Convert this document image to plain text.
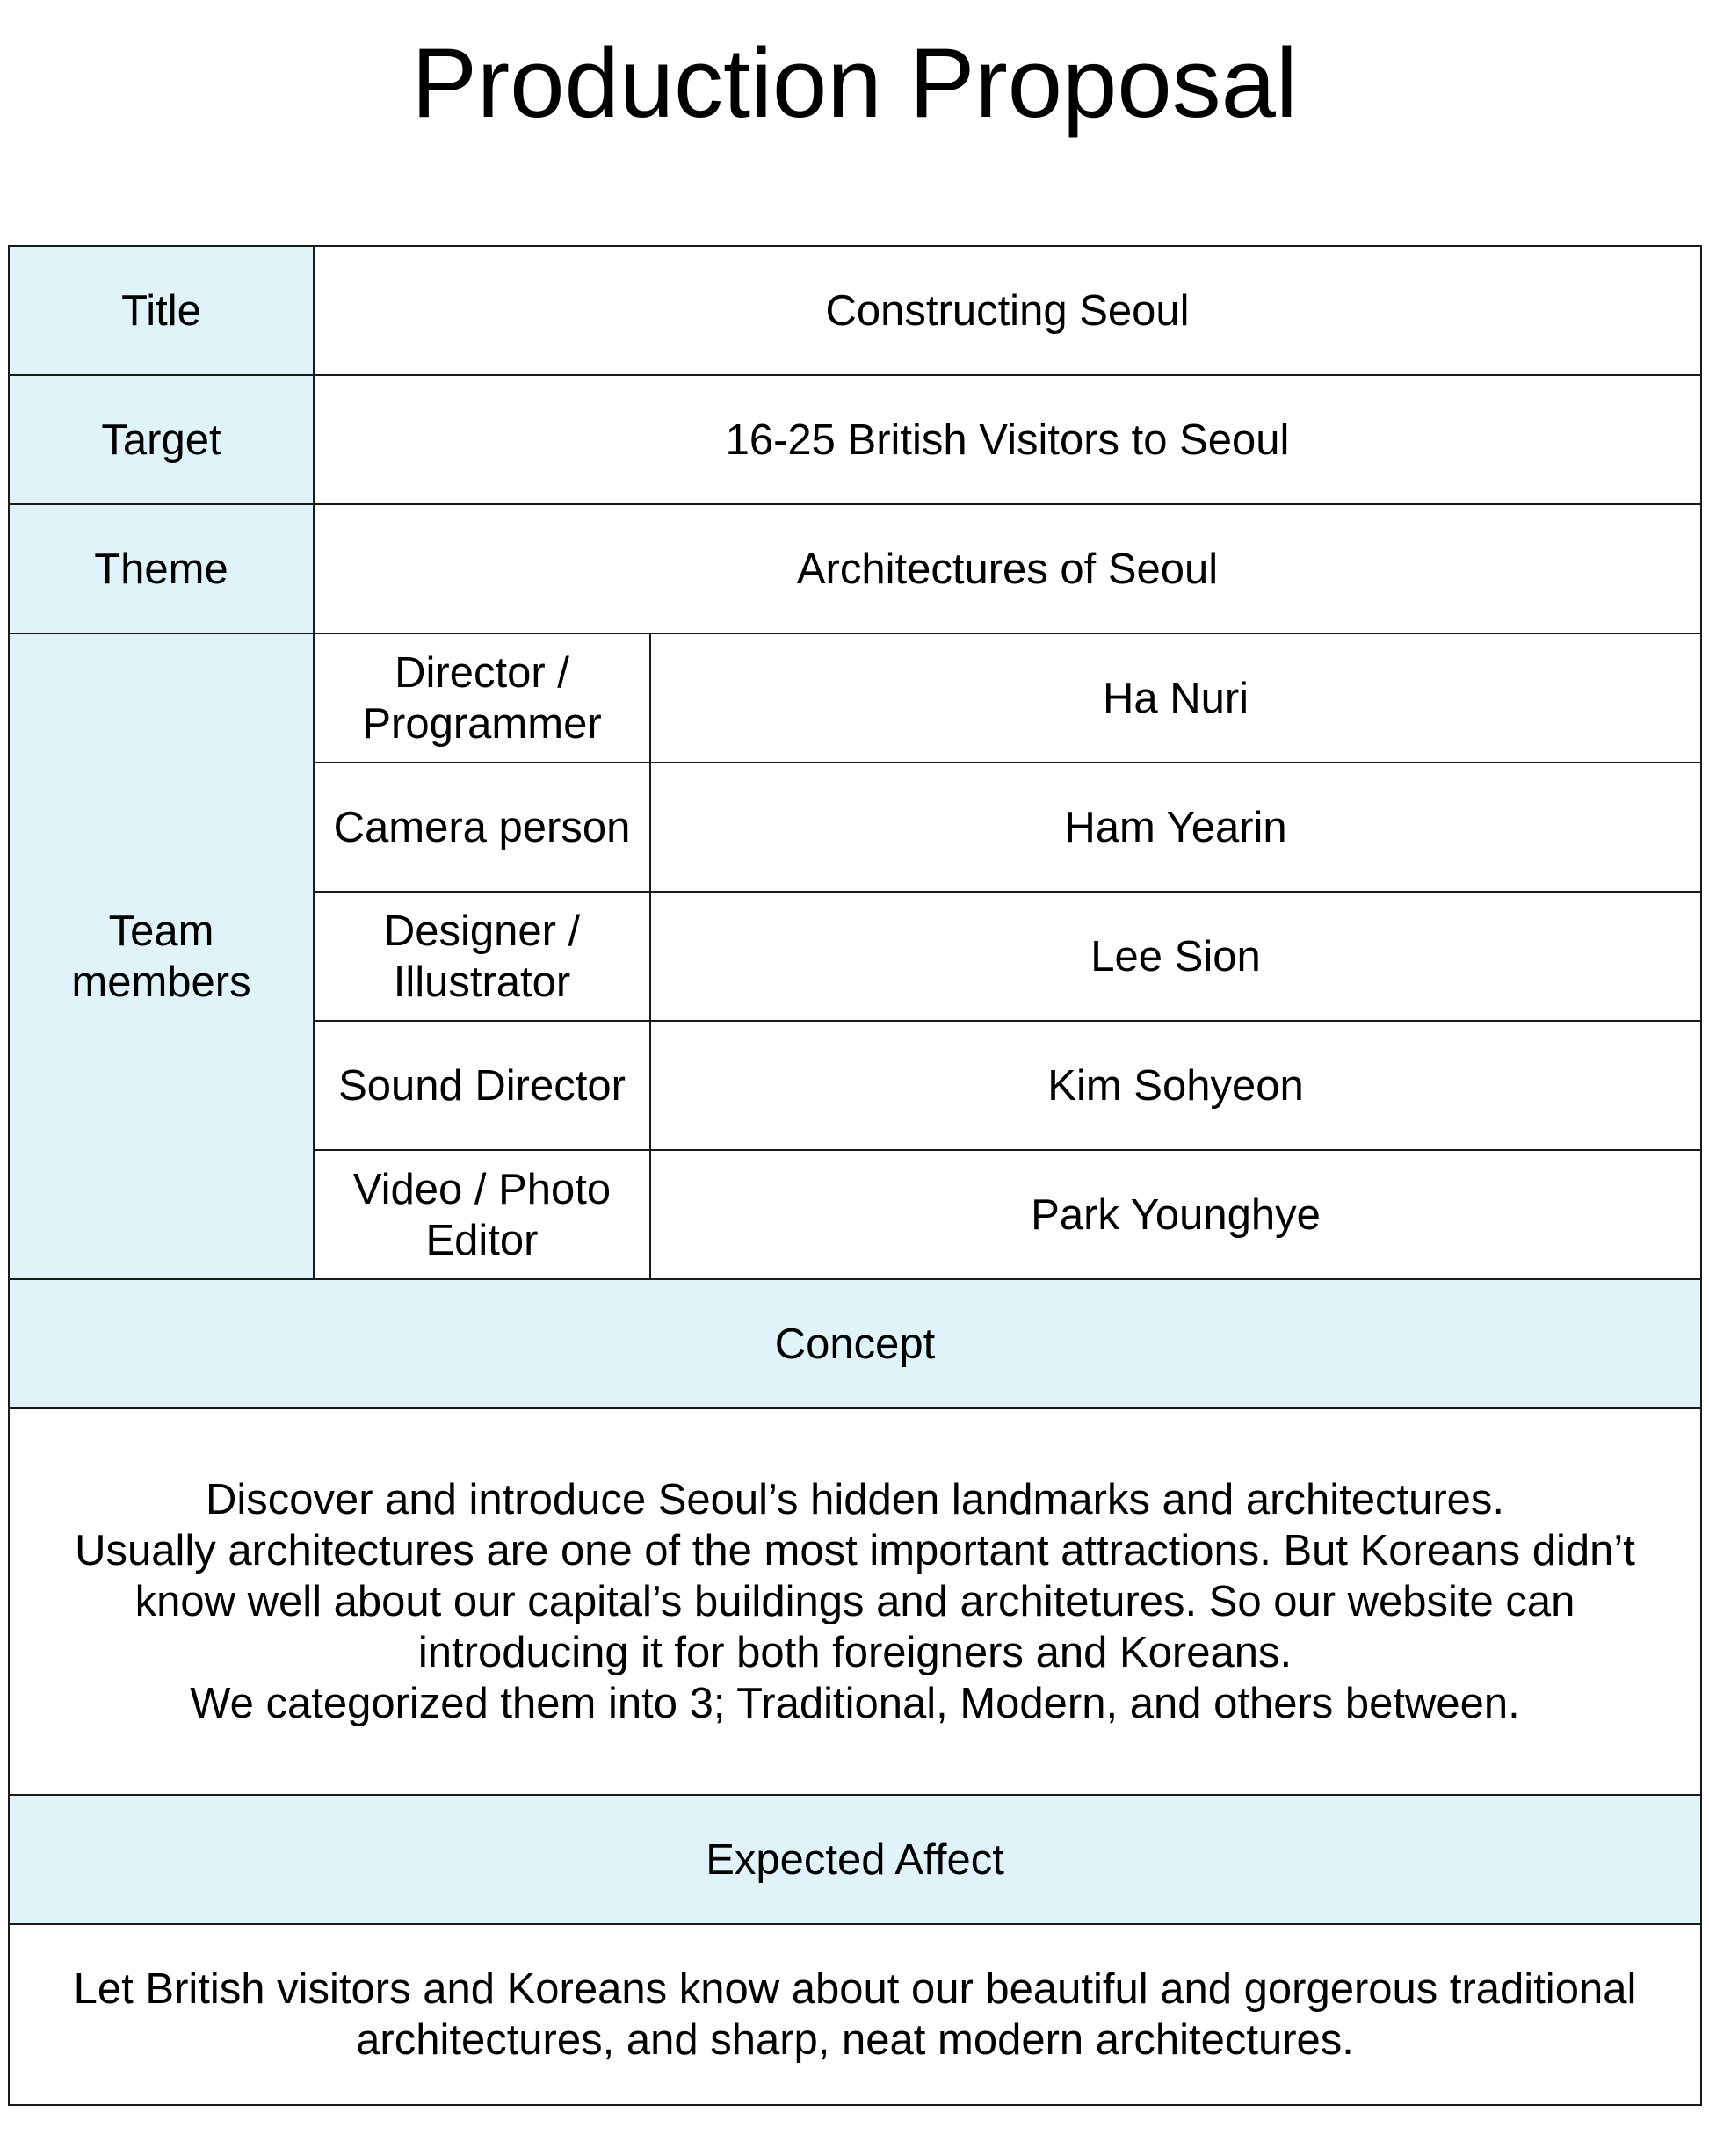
Production Proposal
Title	Constructing Seoul	
Target	16-25 British Visitors to Seoul	
Theme	Architectures of Seoul	
Team members	Director / Programmer	Ha Nuri
	Camera person	Ham Yearin
	Designer / Illustrator	Lee Sion
	Sound Director	Kim Sohyeon
	Video / Photo Editor	Park Younghye
Concept		

Discover and introduce Seoul’s hidden landmarks and architectures.
Usually architectures are one of the most important attractions. But Koreans didn’t know well about our capital’s buildings and architetures. So our website can introducing it for both foreigners and Koreans.
We categorized them into 3; Traditional, Modern, and others between.		

Expected Affect		
Let British visitors and Koreans know about our beautiful and gorgerous traditional architectures, and sharp, neat modern architectures.		
